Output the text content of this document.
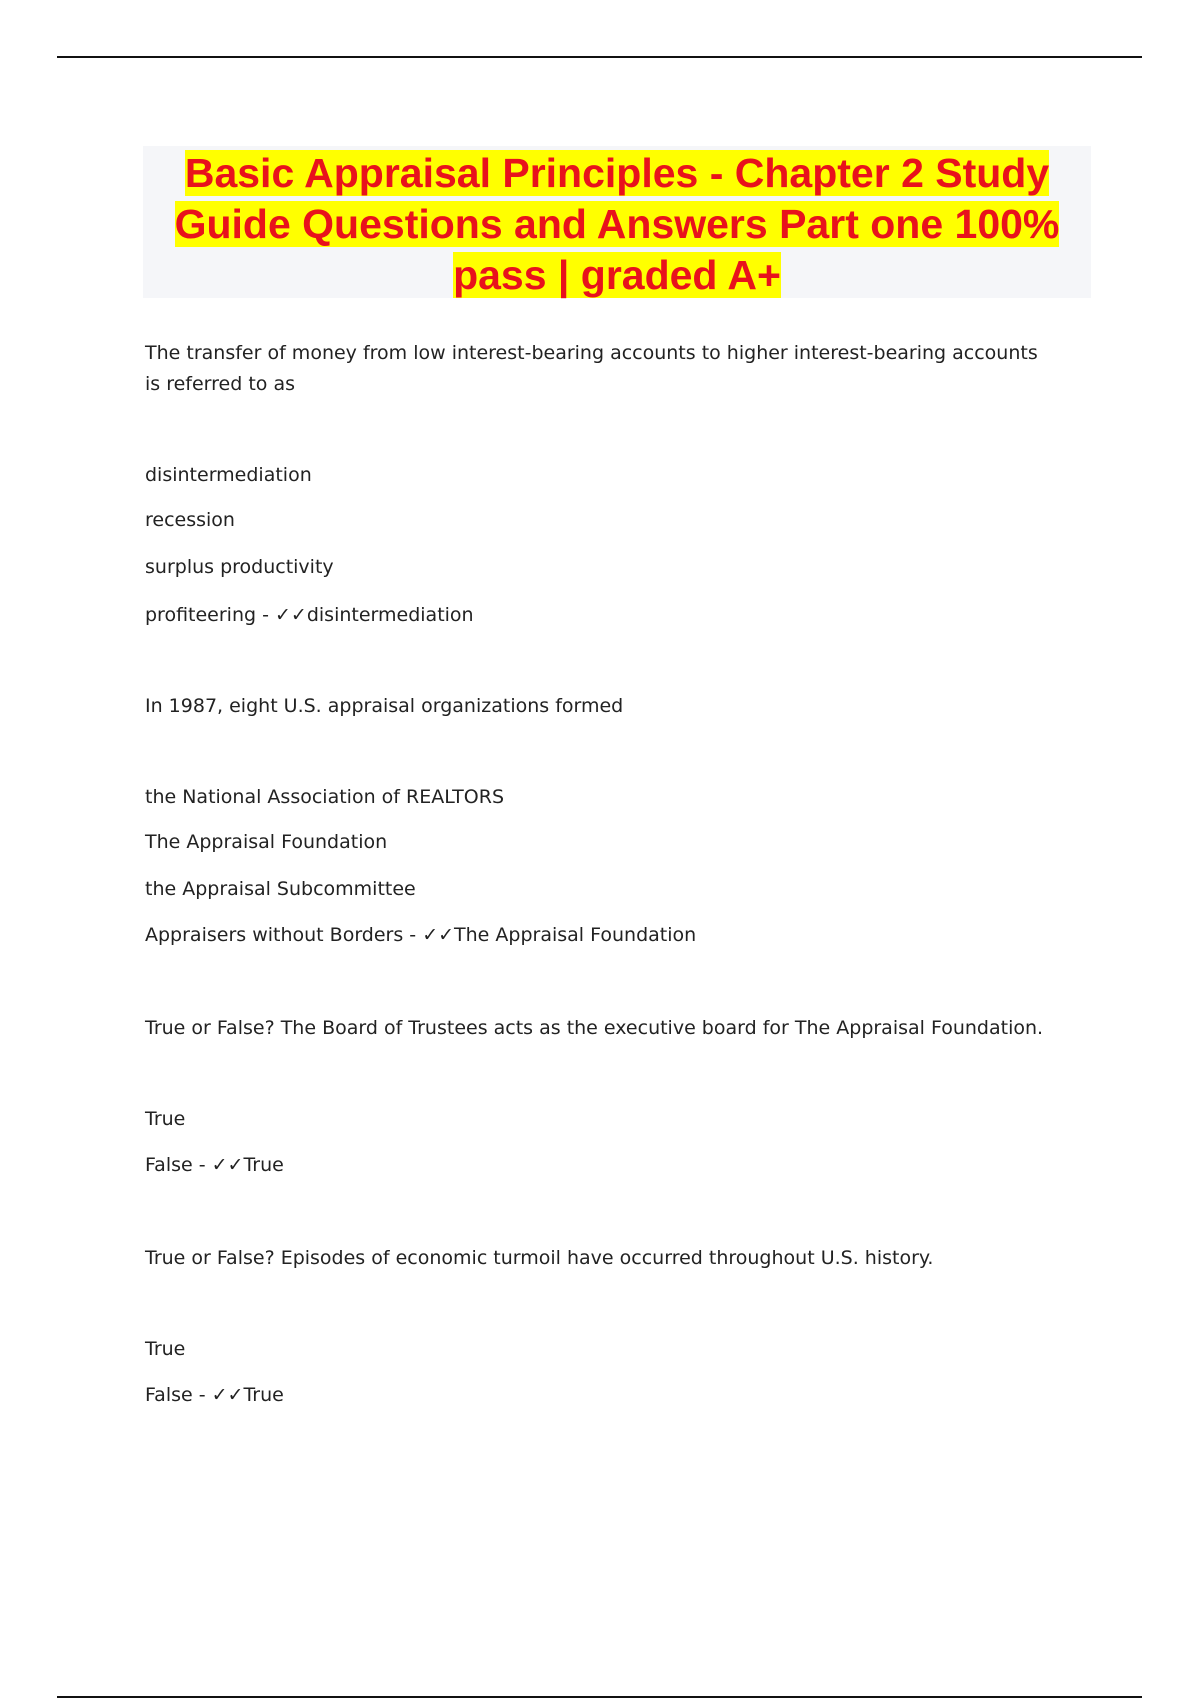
Basic Appraisal Principles - Chapter 2 Study Guide Questions and Answers Part one 100% pass | graded A+

The transfer of money from low interest-bearing accounts to higher interest-bearing accounts is referred to as

disintermediation

recession

surplus productivity

profiteering - ✓✓disintermediation

In 1987, eight U.S. appraisal organizations formed

the National Association of REALTORS

The Appraisal Foundation

the Appraisal Subcommittee

Appraisers without Borders - ✓✓The Appraisal Foundation

True or False? The Board of Trustees acts as the executive board for The Appraisal Foundation.

True

False - ✓✓True

True or False? Episodes of economic turmoil have occurred throughout U.S. history.

True

False - ✓✓True
